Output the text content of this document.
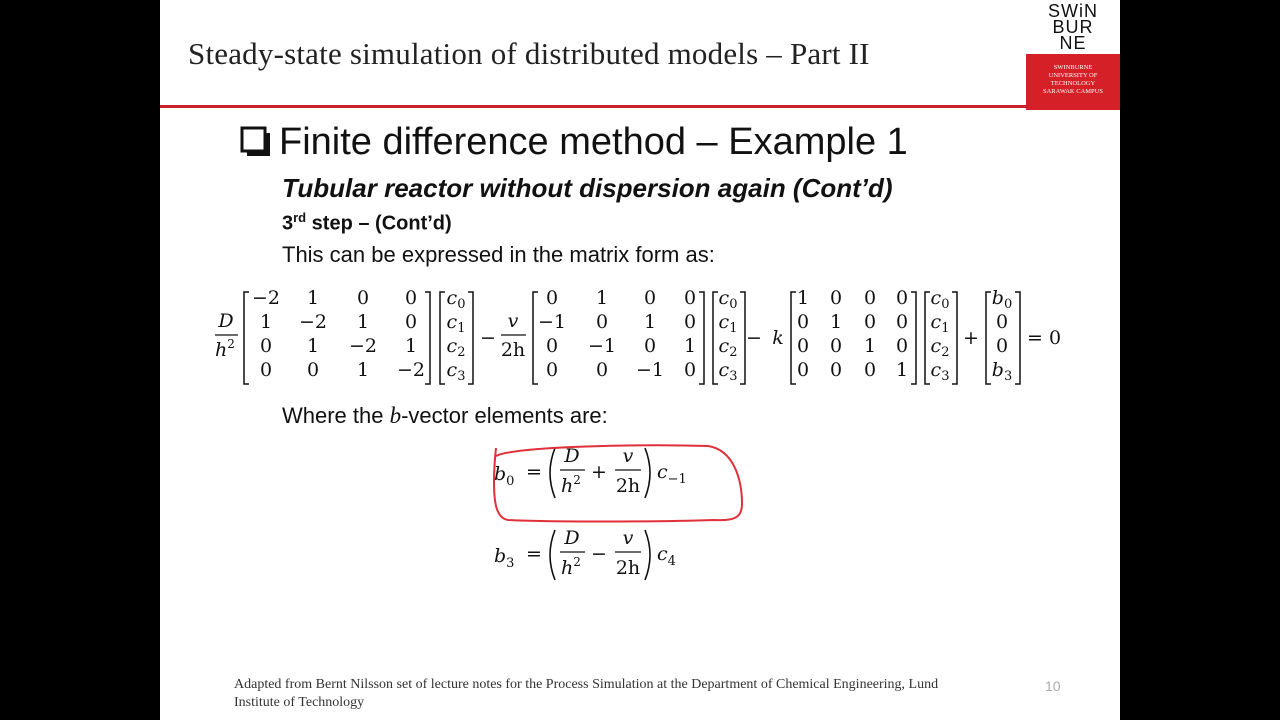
Steady-state simulation of distributed models – Part II
SWiN
BUR
NE
SWINBURNE
UNIVERSITY OF
TECHNOLOGY
SARAWAK CAMPUS
Finite difference method – Example 1
Tubular reactor without dispersion again (Cont’d)
3rd step – (Cont’d)
This can be expressed in the matrix form as:
D
$h^2$
−2 1 0 0
1 −2 1 0
0 1 −2 1
0 0 1 −2
$c_0$
$c_1$
$c_2$
$c_3$
−
v
2h
0 1 0 0
−1 0 1 0
0 −1 0 1
0 0 −1 0
$c_0$
$c_1$
$c_2$
$c_3$
− k
1 0 0 0
0 1 0 0
0 0 1 0
0 0 0 1
$c_0$
$c_1$
$c_2$
$c_3$
+
$b_0$
0
0
$b_3$
= 0
Where the b-vector elements are:
$b_0$ =
D
$h^2$ +
v
2h
$c_{-1}$
$b_3$ =
D
$h^2$ −
v
2h
$c_4$
Adapted from Bernt Nilsson set of lecture notes for the Process Simulation at the Department of Chemical Engineering, Lund
Institute of Technology
10
